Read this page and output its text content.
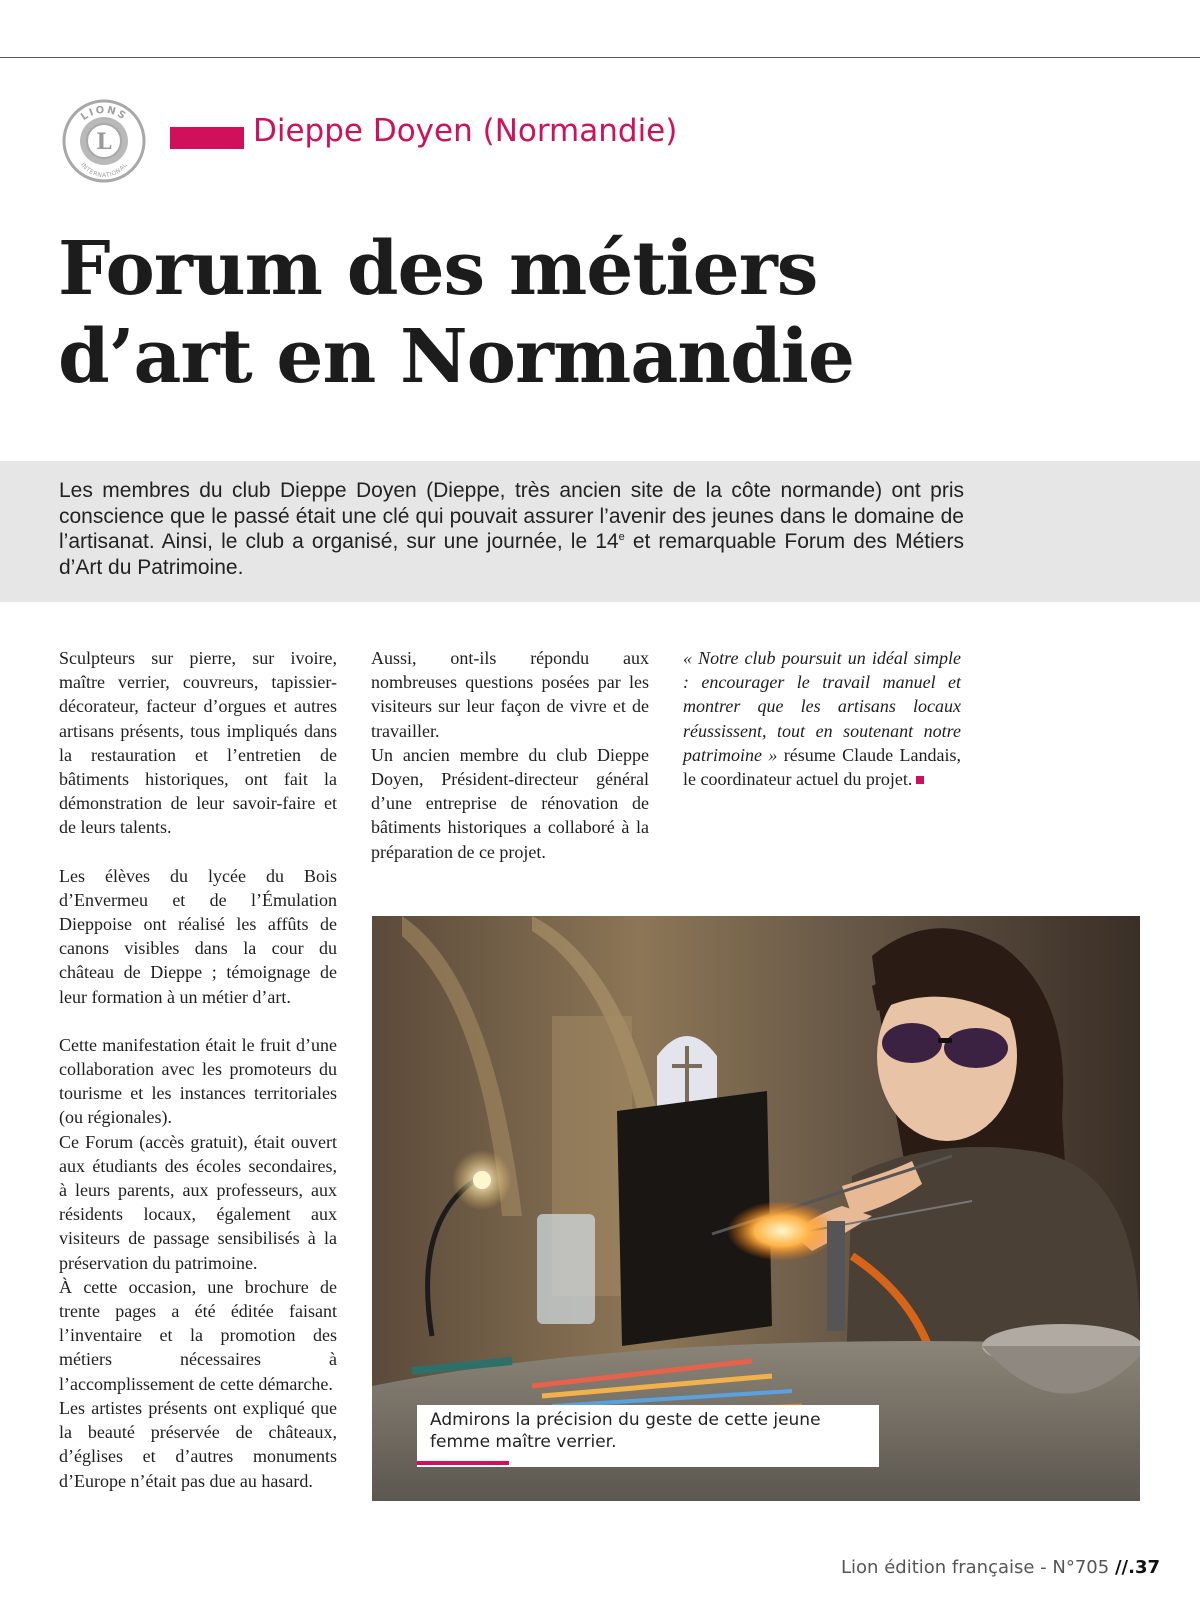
L
LIONS
INTERNATIONAL
Dieppe Doyen (Normandie)
Forum des métiers
d’art en Normandie

Les membres du club Dieppe Doyen (Dieppe, très ancien site de la côte normande) ont pris conscience que le passé était une clé qui pouvait assurer l’avenir des jeunes dans le domaine de l’artisanat. Ainsi, le club a organisé, sur une journée, le 14e et remarquable Forum des Métiers d’Art du Patrimoine.

Sculpteurs sur pierre, sur ivoire, maître verrier, couvreurs, tapissier-décorateur, facteur d’orgues et autres artisans présents, tous impliqués dans la restauration et l’entretien de bâtiments historiques, ont fait la démonstration de leur savoir-faire et de leurs talents.

Les élèves du lycée du Bois d’Envermeu et de l’Émulation Dieppoise ont réalisé les affûts de canons visibles dans la cour du château de Dieppe ; témoignage de leur formation à un métier d’art.

Cette manifestation était le fruit d’une collaboration avec les promoteurs du tourisme et les instances territoriales (ou régionales).

Ce Forum (accès gratuit), était ouvert aux étudiants des écoles secondaires, à leurs parents, aux professeurs, aux résidents locaux, également aux visiteurs de passage sensibilisés à la préservation du patrimoine.

À cette occasion, une brochure de trente pages a été éditée faisant l’inventaire et la promotion des métiers nécessaires à l’accomplissement de cette démarche.

Les artistes présents ont expliqué que la beauté préservée de châteaux, d’églises et d’autres monuments d’Europe n’était pas due au hasard.

Aussi, ont-ils répondu aux nombreuses questions posées par les visiteurs sur leur façon de vivre et de travailler.

Un ancien membre du club Dieppe Doyen, Président-directeur général d’une entreprise de rénovation de bâtiments historiques a collaboré à la préparation de ce projet.

« Notre club poursuit un idéal simple : encourager le travail manuel et montrer que les artisans locaux réussissent, tout en soutenant notre patrimoine » résume Claude Landais, le coordinateur actuel du projet.

Admirons la précision du geste de cette jeune femme maître verrier.

Lion édition française - N°705 //.37
